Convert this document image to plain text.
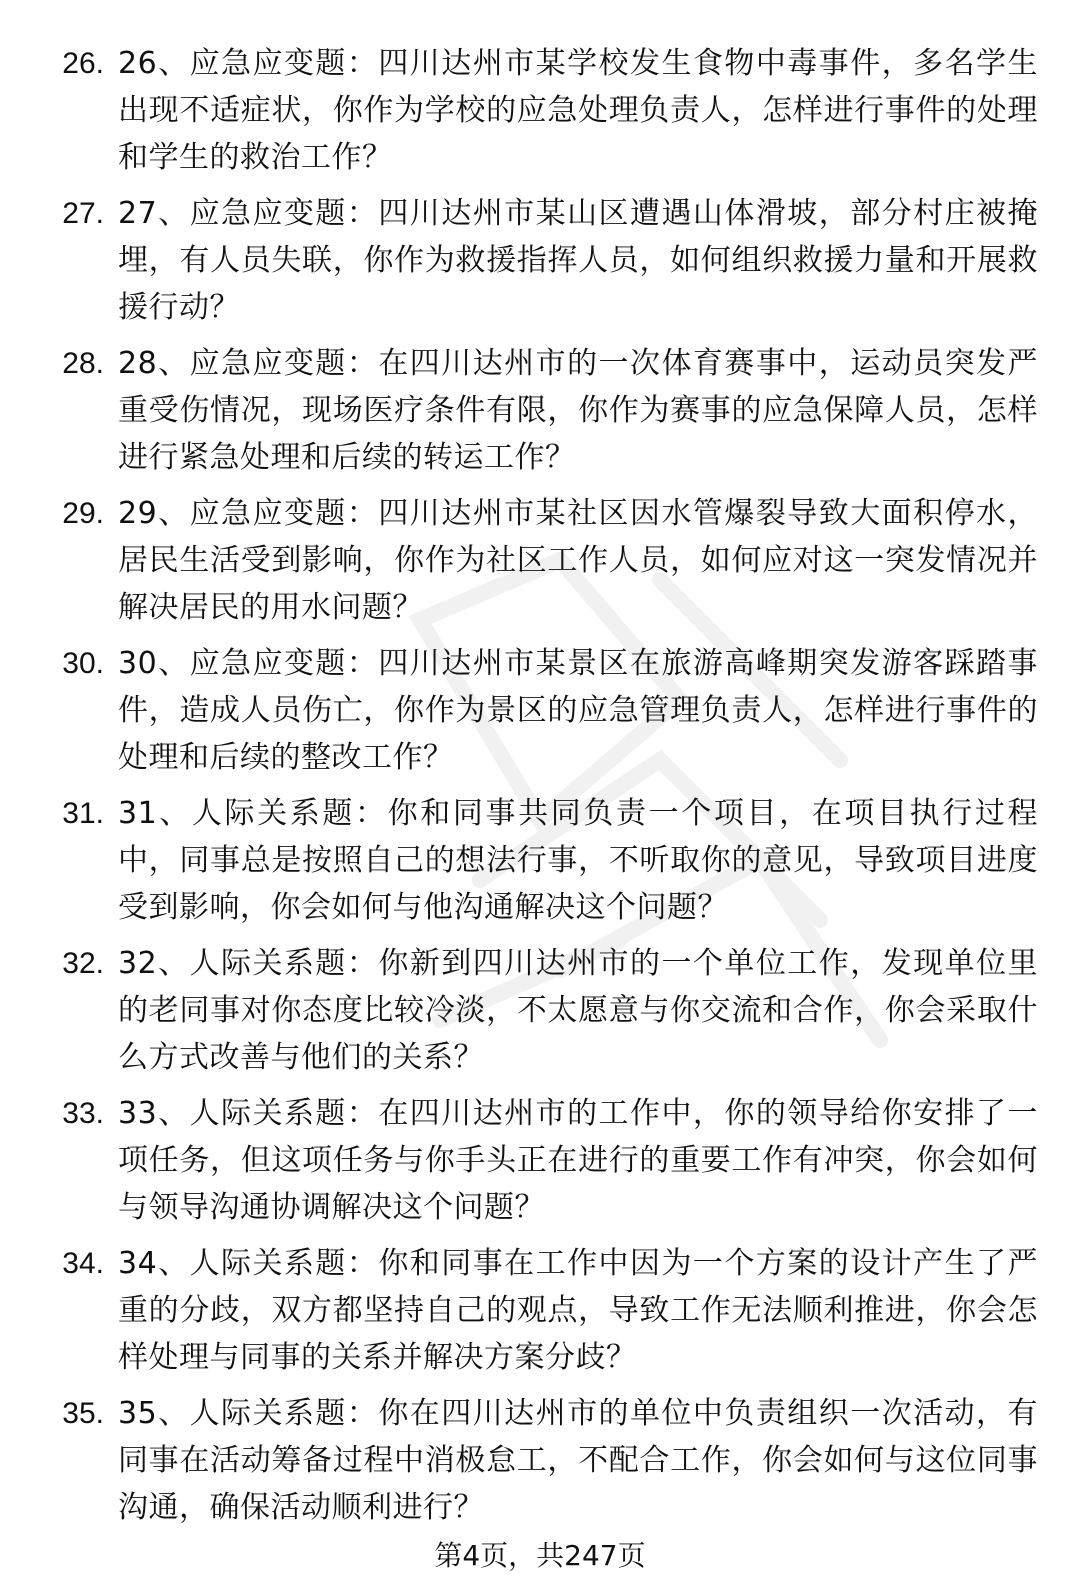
26. 26、应急应变题：四川达州市某学校发生食物中毒事件，多名学生出现不适症状，你作为学校的应急处理负责人，怎样进行事件的处理和学生的救治工作？
27. 27、应急应变题：四川达州市某山区遭遇山体滑坡，部分村庄被掩埋，有人员失联，你作为救援指挥人员，如何组织救援力量和开展救援行动？
28. 28、应急应变题：在四川达州市的一次体育赛事中，运动员突发严重受伤情况，现场医疗条件有限，你作为赛事的应急保障人员，怎样进行紧急处理和后续的转运工作？
29. 29、应急应变题：四川达州市某社区因水管爆裂导致大面积停水，居民生活受到影响，你作为社区工作人员，如何应对这一突发情况并解决居民的用水问题？
30. 30、应急应变题：四川达州市某景区在旅游高峰期突发游客踩踏事件，造成人员伤亡，你作为景区的应急管理负责人，怎样进行事件的处理和后续的整改工作？
31. 31、人际关系题：你和同事共同负责一个项目，在项目执行过程中，同事总是按照自己的想法行事，不听取你的意见，导致项目进度受到影响，你会如何与他沟通解决这个问题？
32. 32、人际关系题：你新到四川达州市的一个单位工作，发现单位里的老同事对你态度比较冷淡，不太愿意与你交流和合作，你会采取什么方式改善与他们的关系？
33. 33、人际关系题：在四川达州市的工作中，你的领导给你安排了一项任务，但这项任务与你手头正在进行的重要工作有冲突，你会如何与领导沟通协调解决这个问题？
34. 34、人际关系题：你和同事在工作中因为一个方案的设计产生了严重的分歧，双方都坚持自己的观点，导致工作无法顺利推进，你会怎样处理与同事的关系并解决方案分歧？
35. 35、人际关系题：你在四川达州市的单位中负责组织一次活动，有同事在活动筹备过程中消极怠工，不配合工作，你会如何与这位同事沟通，确保活动顺利进行？
第4页，共247页
